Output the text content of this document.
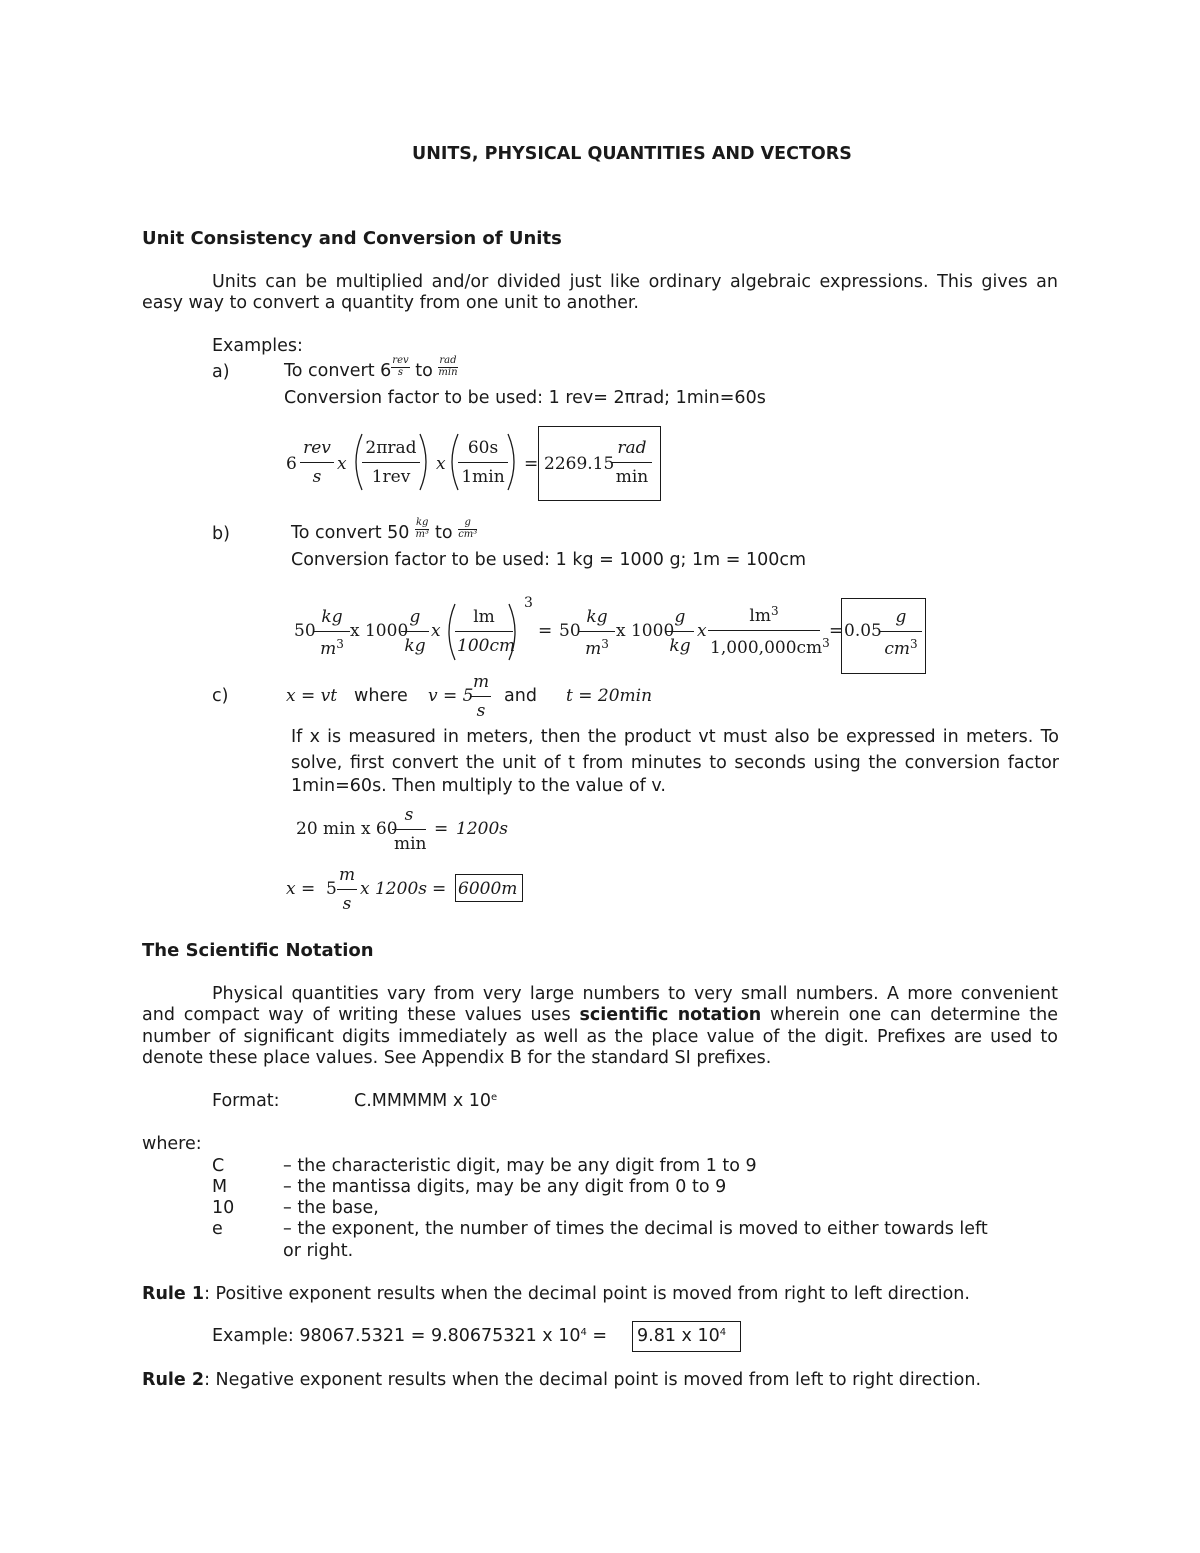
UNITS, PHYSICAL QUANTITIES AND VECTORS
Unit Consistency and Conversion of Units
Units can be multiplied and/or divided just like ordinary algebraic expressions. This gives an
easy way to convert a quantity from one unit to another.
Examples:
a)	To convert $6 \frac{\text{rev}}{s}$ to $\frac{\text{rad}}{\min}$
Conversion factor to be used: 1 rev= 2πrad; 1min=60s
6
rev
s
x
2πrad
1rev
x
60s
1min
= 2269.15
rad
min
b)	To convert $50 \frac{kg}{\text{m³}}$ to $\frac{g}{\text{cm³}}$
Conversion factor to be used: 1 kg = 1000 g; 1m = 100cm
50
$\frac{kg}{m^3}$ x 1000
$\frac{g}{kg}$ x $\frac{lm}{100cm}$
3
= 50
$\frac{kg}{m^3}$ x 1000
$\frac{g}{kg}$ x $\frac{lm^3}{1,000,000cm^3} = 0.05$
$\frac{g}{cm^3}$
c)	x = vt where v = 5
$\frac{m}{s}$ and t = 20min
If x is measured in meters, then the product vt must also be expressed in meters. To
solve, first convert the unit of t from minutes to seconds using the conversion factor
1min=60s. Then multiply to the value of v.
20 min x 60
s
min
= 1200s
$x = 5 \frac{m}{s}$ x 1200s = 6000m
The Scientific Notation
Physical quantities vary from very large numbers to very small numbers. A more convenient
and compact way of writing these values uses scientific notation wherein one can determine the
number of significant digits immediately as well as the place value of the digit. Prefixes are used to
denote these place values. See Appendix B for the standard SI prefixes.
Format:	C.MMMMM x 10e
where:
C	– the characteristic digit, may be any digit from 1 to 9
M	– the mantissa digits, may be any digit from 0 to 9
10	– the base,
e	– the exponent, the number of times the decimal is moved to either towards left
or right.
Rule 1: Positive exponent results when the decimal point is moved from right to left direction.
Example: 98067.5321 = 9.80675321 x $10^4 = 9.81$ x $10^4$
Rule 2: Negative exponent results when the decimal point is moved from left to right direction.
